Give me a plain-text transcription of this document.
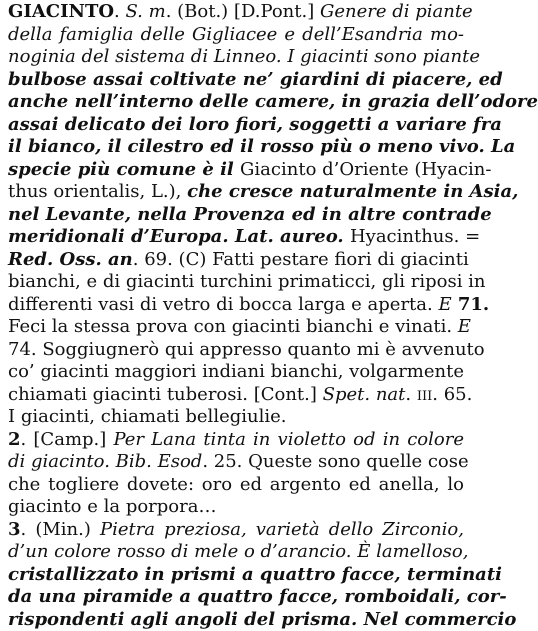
GIACINTO. S. m. (Bot.) [D.Pont.] Genere di piante
della famiglia delle Gigliacee e dell’Esandria mo-
noginia del sistema di Linneo. I giacinti sono piante
bulbose assai coltivate ne’ giardini di piacere, ed
anche nell’interno delle camere, in grazia dell’odore
assai delicato dei loro fiori, soggetti a variare fra
il bianco, il cilestro ed il rosso più o meno vivo. La
specie più comune è il Giacinto d’Oriente (Hyacin-
thus orientalis, L.), che cresce naturalmente in Asia,
nel Levante, nella Provenza ed in altre contrade
meridionali d’Europa. Lat. aureo. Hyacinthus. =
Red. Oss. an. 69. (C) Fatti pestare fiori di giacinti
bianchi, e di giacinti turchini primaticci, gli riposi in
differenti vasi di vetro di bocca larga e aperta. E 71.
Feci la stessa prova con giacinti bianchi e vinati. E
74. Soggiugnerò qui appresso quanto mi è avvenuto
co’ giacinti maggiori indiani bianchi, volgarmente
chiamati giacinti tuberosi. [Cont.] Spet. nat. iii. 65.
I giacinti, chiamati bellegiulie.
2. [Camp.] Per Lana tinta in violetto od in colore
di giacinto. Bib. Esod. 25. Queste sono quelle cose
che togliere dovete: oro ed argento ed anella, lo
giacinto e la porpora…
3. (Min.) Pietra preziosa, varietà dello Zirconio,
d’un colore rosso di mele o d’arancio. È lamelloso,
cristallizzato in prismi a quattro facce, terminati
da una piramide a quattro facce, romboidali, cor-
rispondenti agli angoli del prisma. Nel commercio
